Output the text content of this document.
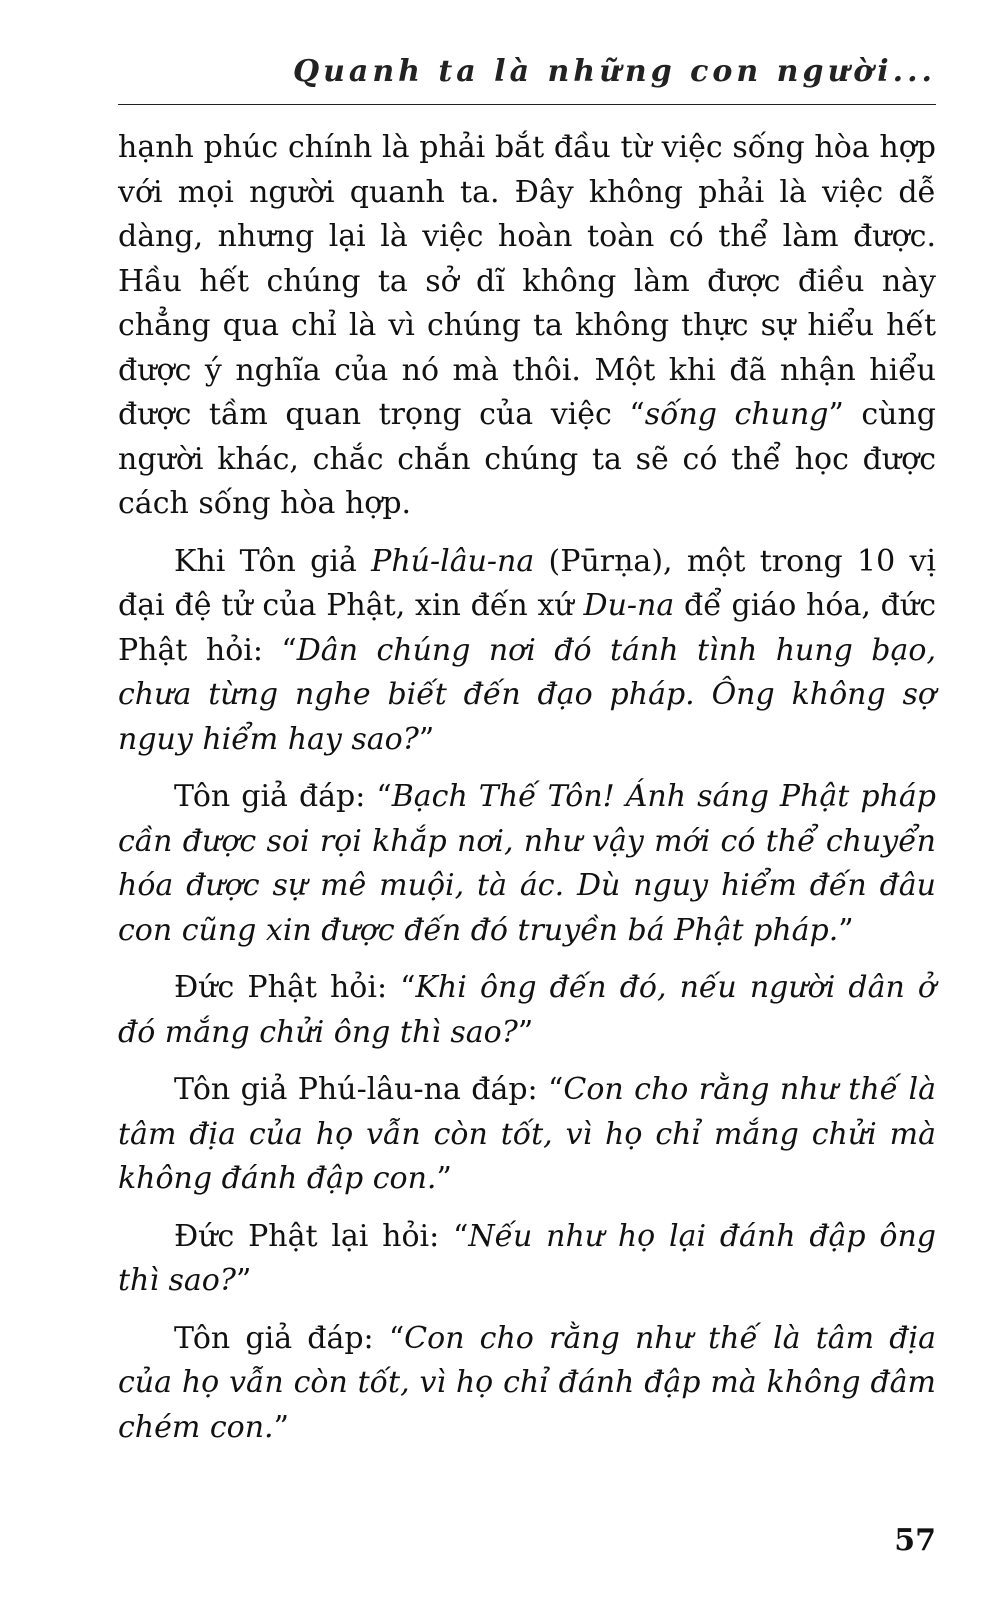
Quanh ta là những con người...

hạnh phúc chính là phải bắt đầu từ việc sống hòa hợp với mọi người quanh ta. Đây không phải là việc dễ dàng, nhưng lại là việc hoàn toàn có thể làm được. Hầu hết chúng ta sở dĩ không làm được điều này chẳng qua chỉ là vì chúng ta không thực sự hiểu hết được ý nghĩa của nó mà thôi. Một khi đã nhận hiểu được tầm quan trọng của việc “sống chung” cùng người khác, chắc chắn chúng ta sẽ có thể học được cách sống hòa hợp.

Khi Tôn giả Phú-lâu-na (Pūrṇa), một trong 10 vị đại đệ tử của Phật, xin đến xứ Du-na để giáo hóa, đức Phật hỏi: “Dân chúng nơi đó tánh tình hung bạo, chưa từng nghe biết đến đạo pháp. Ông không sợ nguy hiểm hay sao?”

Tôn giả đáp: “Bạch Thế Tôn! Ánh sáng Phật pháp cần được soi rọi khắp nơi, như vậy mới có thể chuyển hóa được sự mê muội, tà ác. Dù nguy hiểm đến đâu con cũng xin được đến đó truyền bá Phật pháp.”

Đức Phật hỏi: “Khi ông đến đó, nếu người dân ở đó mắng chửi ông thì sao?”

Tôn giả Phú-lâu-na đáp: “Con cho rằng như thế là tâm địa của họ vẫn còn tốt, vì họ chỉ mắng chửi mà không đánh đập con.”

Đức Phật lại hỏi: “Nếu như họ lại đánh đập ông thì sao?”

Tôn giả đáp: “Con cho rằng như thế là tâm địa của họ vẫn còn tốt, vì họ chỉ đánh đập mà không đâm chém con.”

57
